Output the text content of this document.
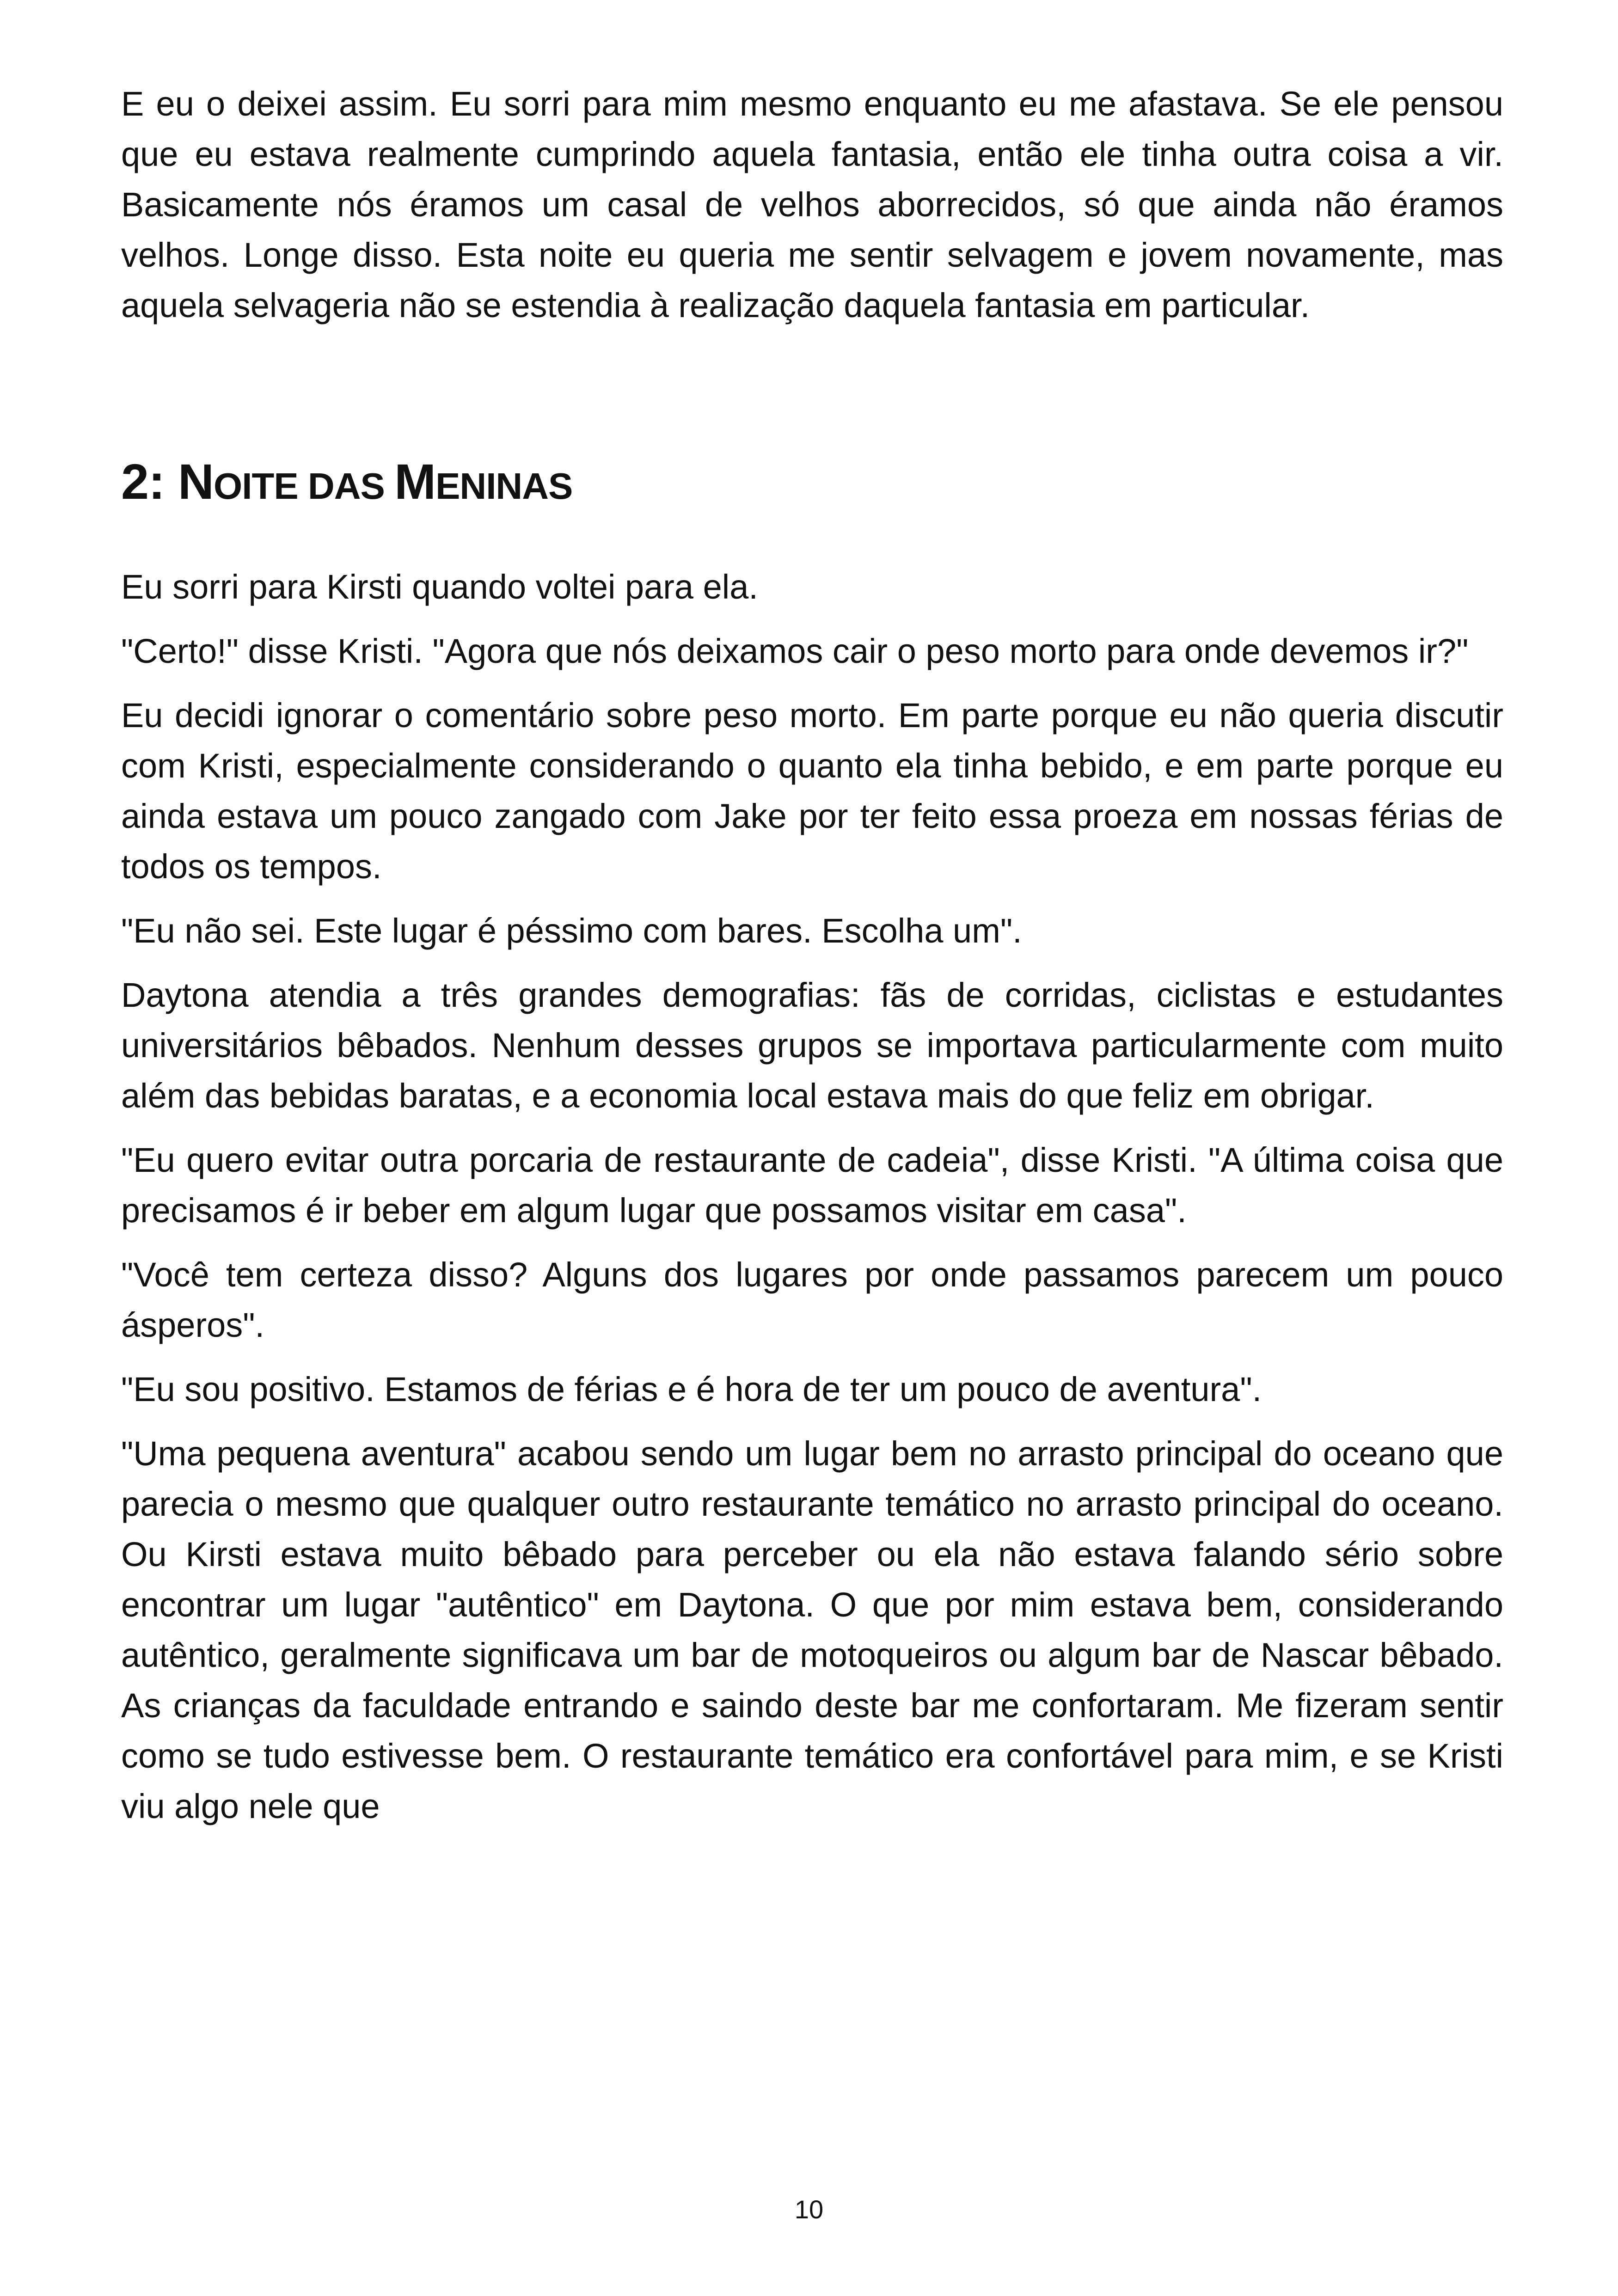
E eu o deixei assim. Eu sorri para mim mesmo enquanto eu me afastava. Se ele pensou que eu estava realmente cumprindo aquela fantasia, então ele tinha outra coisa a vir. Basicamente nós éramos um casal de velhos aborrecidos, só que ainda não éramos velhos. Longe disso. Esta noite eu queria me sentir selvagem e jovem novamente, mas aquela selvageria não se estendia à realização daquela fantasia em particular.

2: NOITE DAS MENINAS

Eu sorri para Kirsti quando voltei para ela.

"Certo!" disse Kristi. "Agora que nós deixamos cair o peso morto para onde devemos ir?"

Eu decidi ignorar o comentário sobre peso morto. Em parte porque eu não queria discutir com Kristi, especialmente considerando o quanto ela tinha bebido, e em parte porque eu ainda estava um pouco zangado com Jake por ter feito essa proeza em nossas férias de todos os tempos.

"Eu não sei. Este lugar é péssimo com bares. Escolha um".

Daytona atendia a três grandes demografias: fãs de corridas, ciclistas e estudantes universitários bêbados. Nenhum desses grupos se importava particularmente com muito além das bebidas baratas, e a economia local estava mais do que feliz em obrigar.

"Eu quero evitar outra porcaria de restaurante de cadeia", disse Kristi. "A última coisa que precisamos é ir beber em algum lugar que possamos visitar em casa".

"Você tem certeza disso? Alguns dos lugares por onde passamos parecem um pouco ásperos".

"Eu sou positivo. Estamos de férias e é hora de ter um pouco de aventura".

"Uma pequena aventura" acabou sendo um lugar bem no arrasto principal do oceano que parecia o mesmo que qualquer outro restaurante temático no arrasto principal do oceano. Ou Kirsti estava muito bêbado para perceber ou ela não estava falando sério sobre encontrar um lugar "autêntico" em Daytona. O que por mim estava bem, considerando autêntico, geralmente significava um bar de motoqueiros ou algum bar de Nascar bêbado. As crianças da faculdade entrando e saindo deste bar me confortaram. Me fizeram sentir como se tudo estivesse bem. O restaurante temático era confortável para mim, e se Kristi viu algo nele que

10
